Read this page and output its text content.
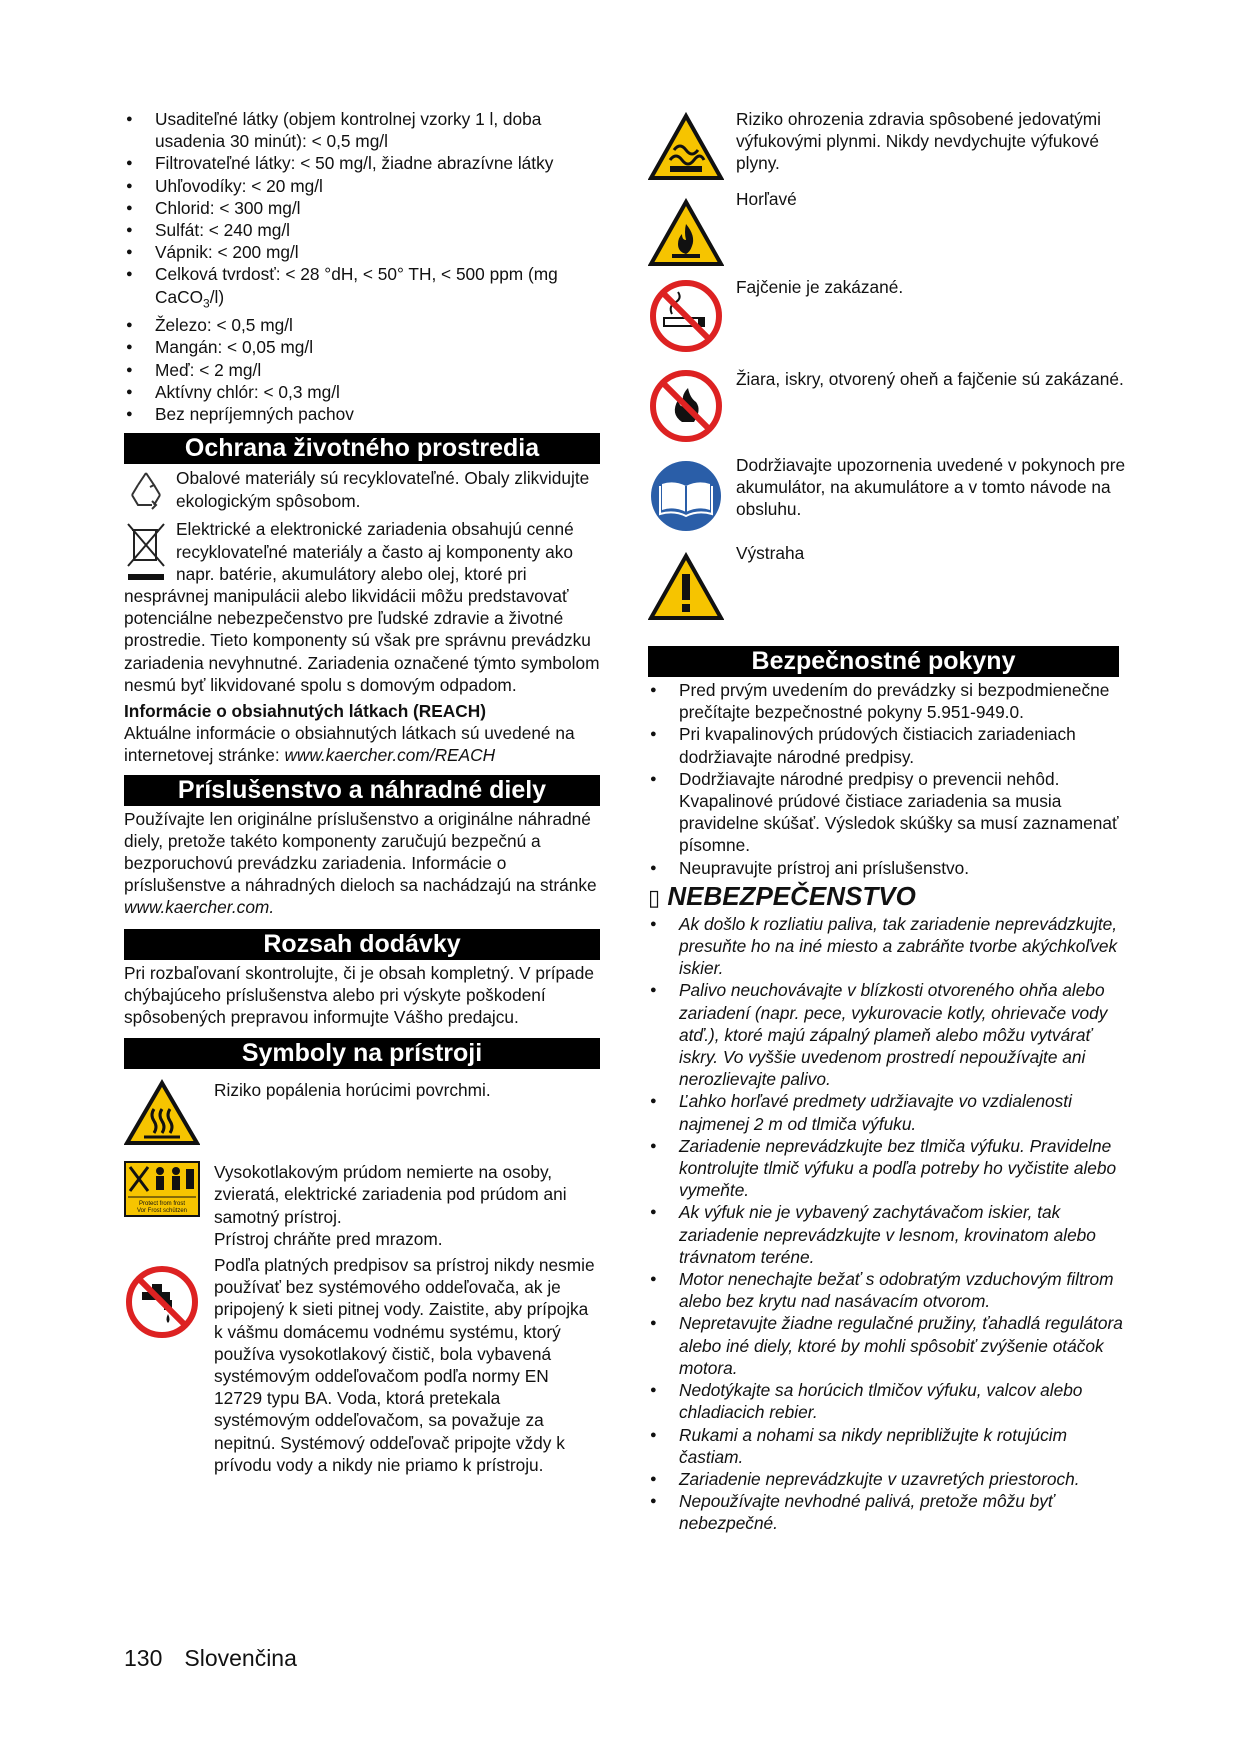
● Usaditeľné látky (objem kontrolnej vzorky 1 l, doba usadenia 30 minút): < 0,5 mg/l
● Filtrovateľné látky: < 50 mg/l, žiadne abrazívne látky
● Uhľovodíky: < 20 mg/l
● Chlorid: < 300 mg/l
● Sulfát: < 240 mg/l
● Vápnik: < 200 mg/l
● Celková tvrdosť: < 28 °dH, < 50° TH, < 500 ppm (mg CaCO$_3$/l)
● Železo: < 0,5 mg/l
● Mangán: < 0,05 mg/l
● Meď: < 2 mg/l
● Aktívny chlór: < 0,3 mg/l
● Bez nepríjemných pachov
Ochrana životného prostredia
Obalové materiály sú recyklovateľné. Obaly zlikvidujte ekologickým spôsobom.

Elektrické a elektronické zariadenia obsahujú cenné recyklovateľné materiály a často aj komponenty ako napr. batérie, akumulátory alebo olej, ktoré pri nesprávnej manipulácii alebo likvidácii môžu predstavovať potenciálne nebezpečenstvo pre ľudské zdravie a životné prostredie. Tieto komponenty sú však pre správnu prevádzku zariadenia nevyhnutné. Zariadenia označené týmto symbolom nesmú byť likvidované spolu s domovým odpadom.

Informácie o obsiahnutých látkach (REACH)

Aktuálne informácie o obsiahnutých látkach sú uvedené na internetovej stránke: www.kaercher.com/REACH

Príslušenstvo a náhradné diely

Používajte len originálne príslušenstvo a originálne náhradné diely, pretože takéto komponenty zaručujú bezpečnú a bezporuchovú prevádzku zariadenia. Informácie o príslušenstve a náhradných dieloch sa nachádzajú na stránke www.kaercher.com.

Rozsah dodávky

Pri rozbaľovaní skontrolujte, či je obsah kompletný. V prípade chýbajúceho príslušenstva alebo pri výskyte poškodení spôsobených prepravou informujte Vášho predajcu.

Symboly na prístroji
Riziko popálenia horúcimi povrchmi.
Protect from frost
Vor Frost schützen
Vysokotlakovým prúdom nemierte na osoby, zvieratá, elektrické zariadenia pod prúdom ani samotný prístroj.
Prístroj chráňte pred mrazom.
Podľa platných predpisov sa prístroj nikdy nesmie používať bez systémového oddeľovača, ak je pripojený k sieti pitnej vody. Zaistite, aby prípojka k vášmu domácemu vodnému systému, ktorý používa vysokotlakový čistič, bola vybavená systémovým oddeľovačom podľa normy EN 12729 typu BA. Voda, ktorá pretekala systémovým oddeľovačom, sa považuje za nepitnú. Systémový oddeľovač pripojte vždy k prívodu vody a nikdy nie priamo k prístroju.
Riziko ohrozenia zdravia spôsobené jedovatými výfukovými plynmi. Nikdy nevdychujte výfukové plyny.
Horľavé
Fajčenie je zakázané.
Žiara, iskry, otvorený oheň a fajčenie sú zakázané.
Dodržiavajte upozornenia uvedené v pokynoch pre akumulátor, na akumulátore a v tomto návode na obsluhu.
Výstraha
Bezpečnostné pokyny
● Pred prvým uvedením do prevádzky si bezpodmienečne prečítajte bezpečnostné pokyny 5.951-949.0.
● Pri kvapalinových prúdových čistiacich zariadeniach dodržiavajte národné predpisy.
● Dodržiavajte národné predpisy o prevencii nehôd. Kvapalinové prúdové čistiace zariadenia sa musia pravidelne skúšať. Výsledok skúšky sa musí zaznamenať písomne.
● Neupravujte prístroj ani príslušenstvo.
▯ NEBEZPEČENSTVO
● Ak došlo k rozliatiu paliva, tak zariadenie neprevádzkujte, presuňte ho na iné miesto a zabráňte tvorbe akýchkoľvek iskier.
● Palivo neuchovávajte v blízkosti otvoreného ohňa alebo zariadení (napr. pece, vykurovacie kotly, ohrievače vody atď.), ktoré majú zápalný plameň alebo môžu vytvárať iskry. Vo vyššie uvedenom prostredí nepoužívajte ani nerozlievajte palivo.
● Ľahko horľavé predmety udržiavajte vo vzdialenosti najmenej 2 m od tlmiča výfuku.
● Zariadenie neprevádzkujte bez tlmiča výfuku. Pravidelne kontrolujte tlmič výfuku a podľa potreby ho vyčistite alebo vymeňte.
● Ak výfuk nie je vybavený zachytávačom iskier, tak zariadenie neprevádzkujte v lesnom, krovinatom alebo trávnatom teréne.
● Motor nenechajte bežať s odobratým vzduchovým filtrom alebo bez krytu nad nasávacím otvorom.
● Nepretavujte žiadne regulačné pružiny, ťahadlá regulátora alebo iné diely, ktoré by mohli spôsobiť zvýšenie otáčok motora.
● Nedotýkajte sa horúcich tlmičov výfuku, valcov alebo chladiacich rebier.
● Rukami a nohami sa nikdy nepribližujte k rotujúcim častiam.
● Zariadenie neprevádzkujte v uzavretých priestoroch.
● Nepoužívajte nevhodné palivá, pretože môžu byť nebezpečné.
130 Slovenčina
